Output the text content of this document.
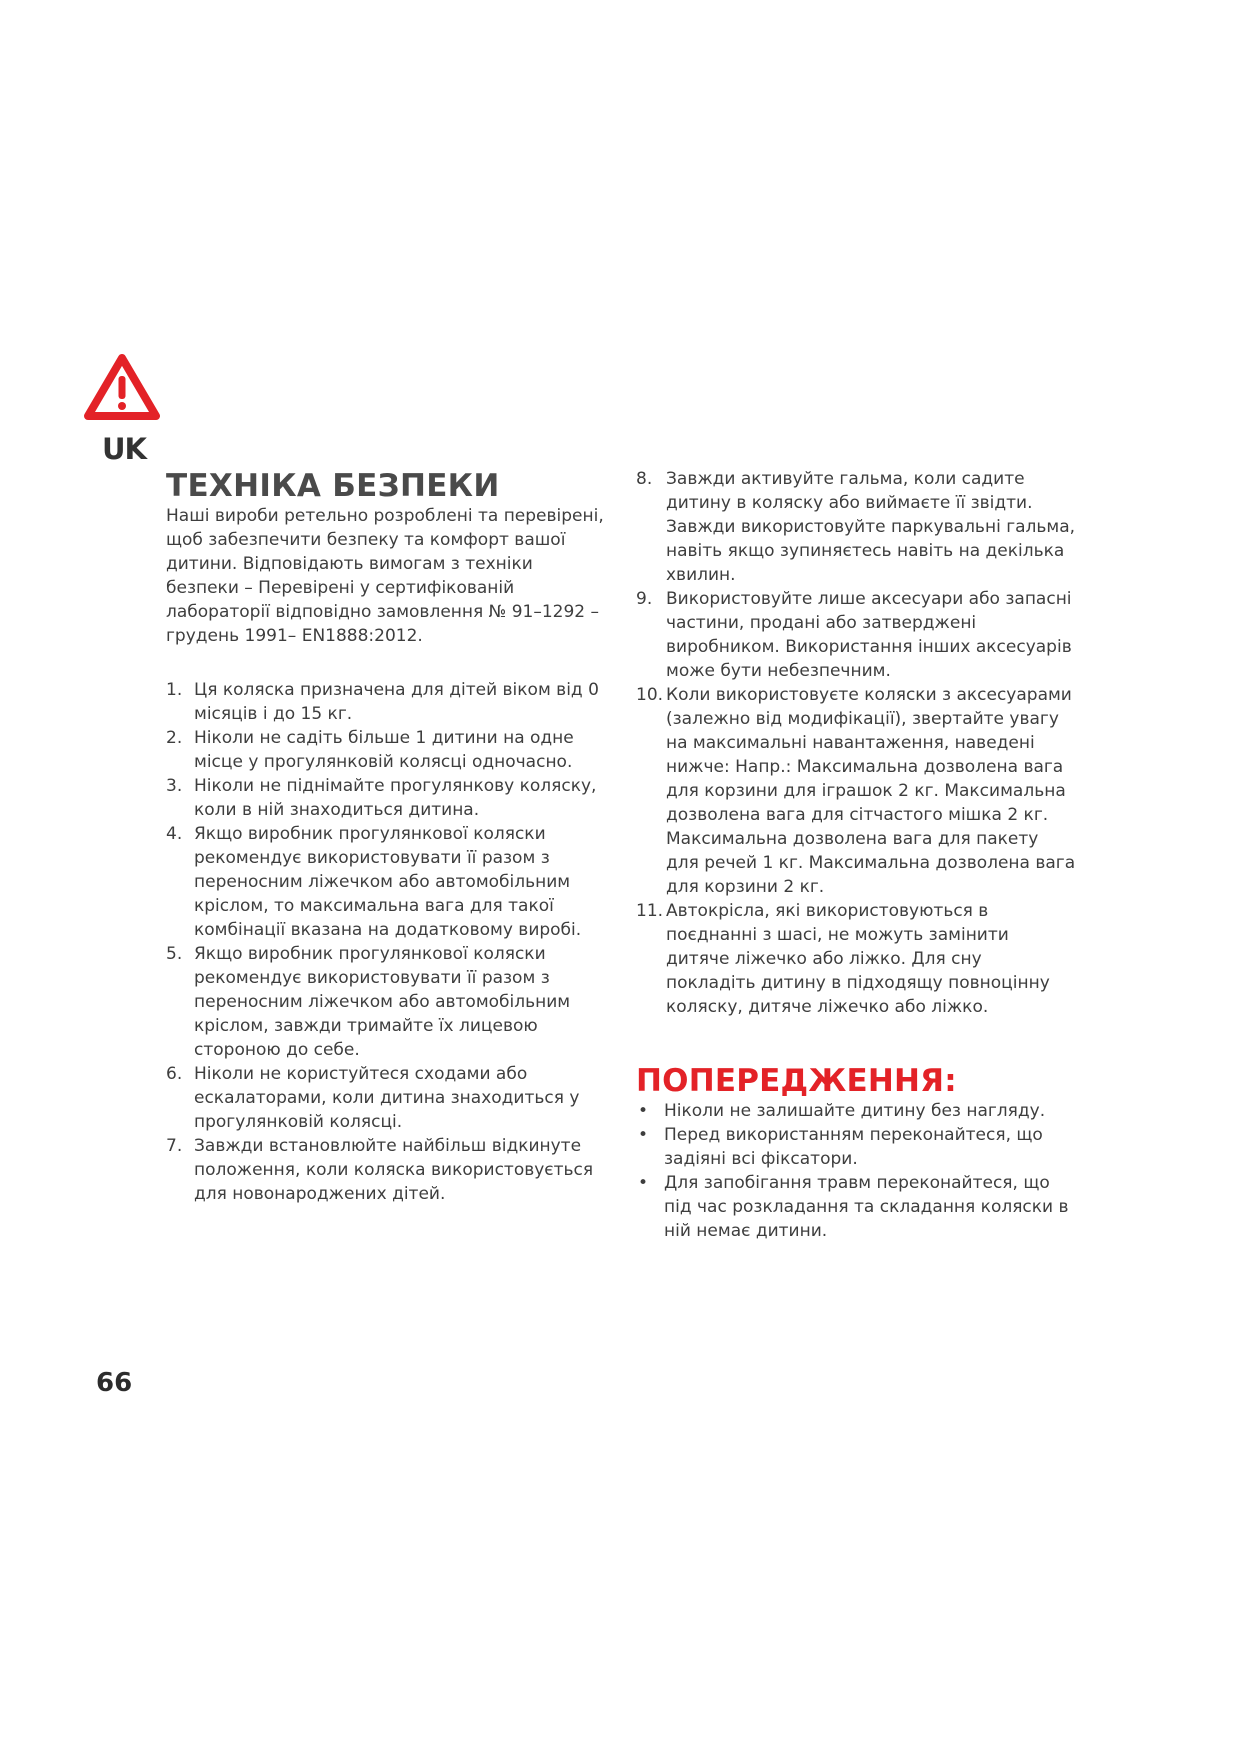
UK
ТЕХНІКА БЕЗПЕКИ

Наші вироби ретельно розроблені та перевірені, щоб забезпечити безпеку та комфорт вашої дитини. Відповідають вимогам з техніки безпеки – Перевірені у сертифікованій лабораторії відповідно замовлення № 91–1292 – грудень 1991– EN1888:2012.

1. Ця коляска призначена для дітей віком від 0 місяців і до 15 кг.
2. Ніколи не садіть більше 1 дитини на одне місце у прогулянковій колясці одночасно.
3. Ніколи не піднімайте прогулянкову коляску, коли в ній знаходиться дитина.
4. Якщо виробник прогулянкової коляски рекомендує використовувати її разом з переносним ліжечком або автомобільним кріслом, то максимальна вага для такої комбінації вказана на додатковому виробі.
5. Якщо виробник прогулянкової коляски рекомендує використовувати її разом з переносним ліжечком або автомобільним кріслом, завжди тримайте їх лицевою стороною до себе.
6. Ніколи не користуйтеся сходами або ескалаторами, коли дитина знаходиться у прогулянковій колясці.
7. Завжди встановлюйте найбільш відкинуте положення, коли коляска використовується для новонароджених дітей.
8. Завжди активуйте гальма, коли садите дитину в коляску або виймаєте її звідти. Завжди використовуйте паркувальні гальма, навіть якщо зупиняєтесь навіть на декілька хвилин.
9. Використовуйте лише аксесуари або запасні частини, продані або затверджені виробником. Використання інших аксесуарів може бути небезпечним.
10. Коли використовуєте коляски з аксесуарами (залежно від модифікації), звертайте увагу на максимальні навантаження, наведені нижче: Напр.: Максимальна дозволена вага для корзини для іграшок 2 кг. Максимальна дозволена вага для сітчастого мішка 2 кг. Максимальна дозволена вага для пакету для речей 1 кг. Максимальна дозволена вага для корзини 2 кг.
11. Автокрісла, які використовуються в поєднанні з шасі, не можуть замінити дитяче ліжечко або ліжко. Для сну покладіть дитину в підходящу повноцінну коляску, дитяче ліжечко або ліжко.
ПОПЕРЕДЖЕННЯ:
• Ніколи не залишайте дитину без нагляду.
• Перед використанням переконайтеся, що задіяні всі фіксатори.
• Для запобігання травм переконайтеся, що під час розкладання та складання коляски в ній немає дитини.
66
